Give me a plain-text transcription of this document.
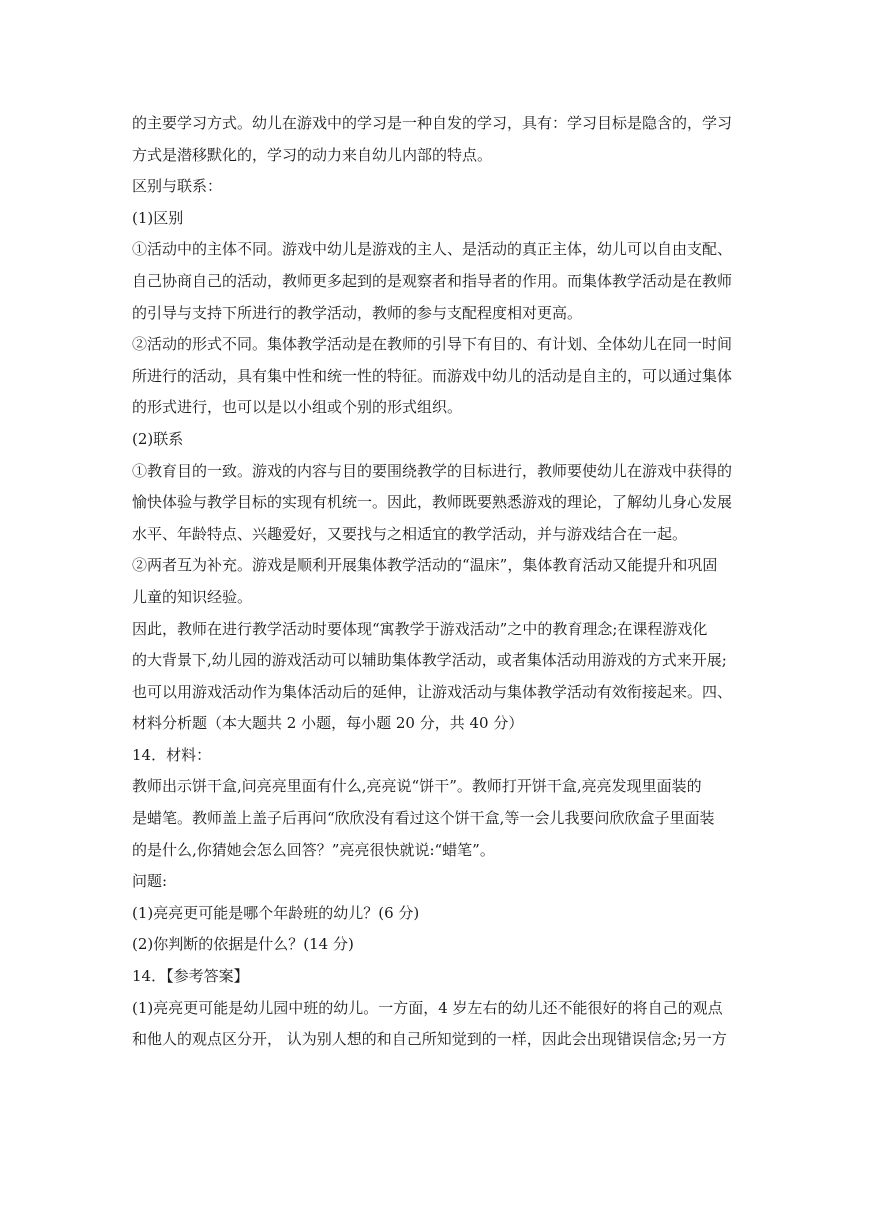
的主要学习方式。幼儿在游戏中的学习是一种自发的学习，具有：学习目标是隐含的，学习

方式是潜移默化的，学习的动力来自幼儿内部的特点。

区别与联系：

(1)区别

①活动中的主体不同。游戏中幼儿是游戏的主人、是活动的真正主体，幼儿可以自由支配、

自己协商自己的活动，教师更多起到的是观察者和指导者的作用。而集体教学活动是在教师

的引导与支持下所进行的教学活动，教师的参与支配程度相对更高。

②活动的形式不同。集体教学活动是在教师的引导下有目的、有计划、全体幼儿在同一时间

所进行的活动，具有集中性和统一性的特征。而游戏中幼儿的活动是自主的，可以通过集体

的形式进行，也可以是以小组或个别的形式组织。

(2)联系

①教育目的一致。游戏的内容与目的要围绕教学的目标进行，教师要使幼儿在游戏中获得的

愉快体验与教学目标的实现有机统一。因此，教师既要熟悉游戏的理论，了解幼儿身心发展

水平、年龄特点、兴趣爱好，又要找与之相适宜的教学活动，并与游戏结合在一起。

②两者互为补充。游戏是顺利开展集体教学活动的“温床”，集体教育活动又能提升和巩固

儿童的知识经验。

因此，教师在进行教学活动时要体现“寓教学于游戏活动”之中的教育理念;在课程游戏化

的大背景下,幼儿园的游戏活动可以辅助集体教学活动，或者集体活动用游戏的方式来开展;

也可以用游戏活动作为集体活动后的延伸，让游戏活动与集体教学活动有效衔接起来。四、

材料分析题（本大题共 2 小题，每小题 20 分，共 40 分）

14．材料：

教师出示饼干盒,问亮亮里面有什么,亮亮说“饼干”。教师打开饼干盒,亮亮发现里面装的

是蜡笔。教师盖上盖子后再问“欣欣没有看过这个饼干盒,等一会儿我要问欣欣盒子里面装

的是什么,你猜她会怎么回答？”亮亮很快就说:“蜡笔”。

问题:

(1)亮亮更可能是哪个年龄班的幼儿？(6 分)

(2)你判断的依据是什么？(14 分)

14．【参考答案】

(1)亮亮更可能是幼儿园中班的幼儿。一方面，4 岁左右的幼儿还不能很好的将自己的观点

和他人的观点区分开， 认为别人想的和自己所知觉到的一样，因此会出现错误信念;另一方
